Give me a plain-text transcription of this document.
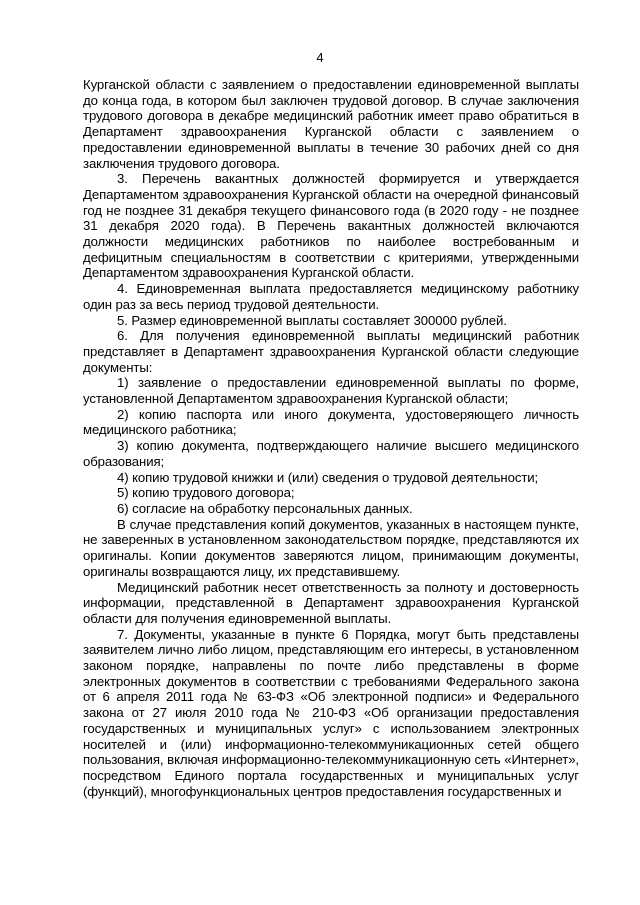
4

Курганской области с заявлением о предоставлении единовременной выплаты до конца года, в котором был заключен трудовой договор. В случае заключения трудового договора в декабре медицинский работник имеет право обратиться в Департамент здравоохранения Курганской области с заявлением о предоставлении единовременной выплаты в течение 30 рабочих дней со дня заключения трудового договора.

3. Перечень вакантных должностей формируется и утверждается Департаментом здравоохранения Курганской области на очередной финансовый год не позднее 31 декабря текущего финансового года (в 2020 году - не позднее 31 декабря 2020 года). В Перечень вакантных должностей включаются должности медицинских работников по наиболее востребованным и дефицитным специальностям в соответствии с критериями, утвержденными Департаментом здравоохранения Курганской области.

4. Единовременная выплата предоставляется медицинскому работнику один раз за весь период трудовой деятельности.

5. Размер единовременной выплаты составляет 300000 рублей.

6. Для получения единовременной выплаты медицинский работник представляет в Департамент здравоохранения Курганской области следующие документы:

1) заявление о предоставлении единовременной выплаты по форме, установленной Департаментом здравоохранения Курганской области;

2) копию паспорта или иного документа, удостоверяющего личность медицинского работника;

3) копию документа, подтверждающего наличие высшего медицинского образования;

4) копию трудовой книжки и (или) сведения о трудовой деятельности;

5) копию трудового договора;

6) согласие на обработку персональных данных.

В случае представления копий документов, указанных в настоящем пункте, не заверенных в установленном законодательством порядке, представляются их оригиналы. Копии документов заверяются лицом, принимающим документы, оригиналы возвращаются лицу, их представившему.

Медицинский работник несет ответственность за полноту и достоверность информации, представленной в Департамент здравоохранения Курганской области для получения единовременной выплаты.

7. Документы, указанные в пункте 6 Порядка, могут быть представлены заявителем лично либо лицом, представляющим его интересы, в установленном законом порядке, направлены по почте либо представлены в форме электронных документов в соответствии с требованиями Федерального закона от 6 апреля 2011 года № 63-ФЗ «Об электронной подписи» и Федерального закона от 27 июля 2010 года № 210-ФЗ «Об организации предоставления государственных и муниципальных услуг» с использованием электронных носителей и (или) информационно-телекоммуникационных сетей общего пользования, включая информационно-телекоммуникационную сеть «Интернет», посредством Единого портала государственных и муниципальных услуг (функций), многофункциональных центров предоставления государственных и
